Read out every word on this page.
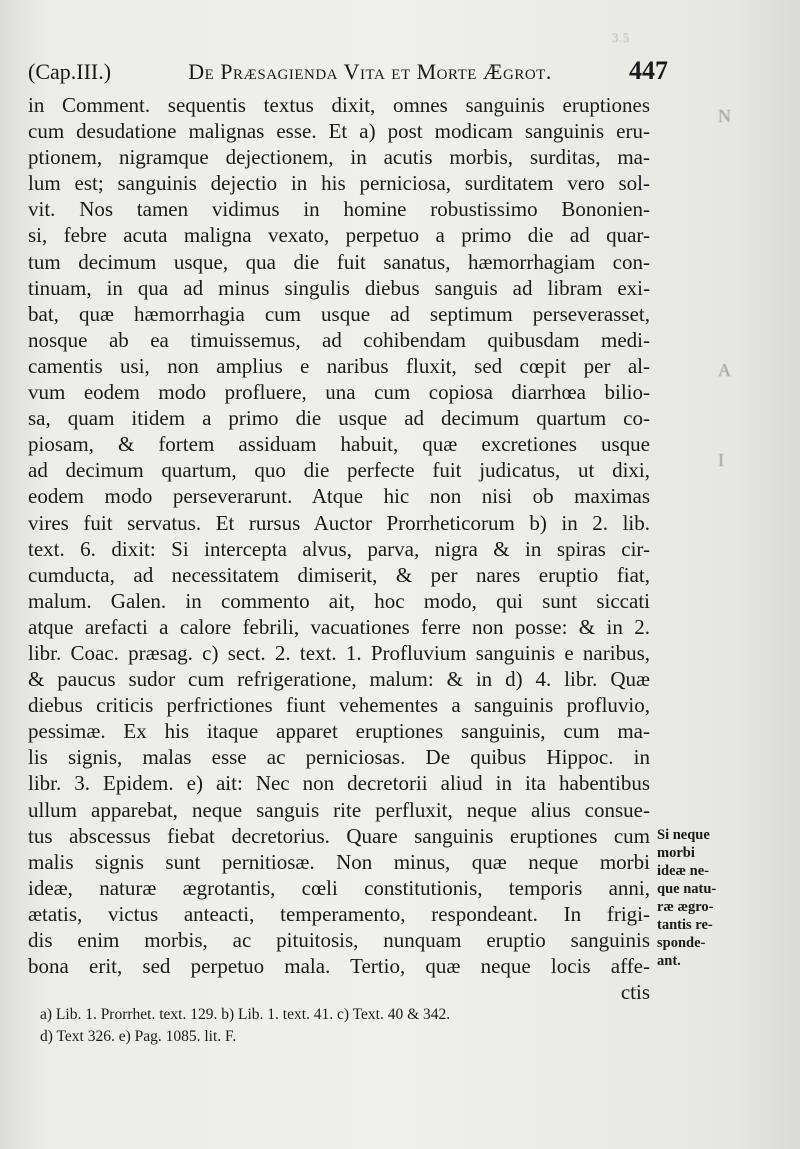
3.5
N
A
I
(Cap.III.)	De Præsagienda Vita et Morte Ægrot.	447
in Comment. sequentis textus dixit, omnes sanguinis eruptiones
cum desudatione malignas esse. Et a) post modicam sanguinis eru-
ptionem, nigramque dejectionem, in acutis morbis, surditas, ma-
lum est; sanguinis dejectio in his perniciosa, surditatem vero sol-
vit. Nos tamen vidimus in homine robustissimo Bononien-
si, febre acuta maligna vexato, perpetuo a primo die ad quar-
tum decimum usque, qua die fuit sanatus, hæmorrhagiam con-
tinuam, in qua ad minus singulis diebus sanguis ad libram exi-
bat, quæ hæmorrhagia cum usque ad septimum perseverasset,
nosque ab ea timuissemus, ad cohibendam quibusdam medi-
camentis usi, non amplius e naribus fluxit, sed cœpit per al-
vum eodem modo profluere, una cum copiosa diarrhœa bilio-
sa, quam itidem a primo die usque ad decimum quartum co-
piosam, & fortem assiduam habuit, quæ excretiones usque
ad decimum quartum, quo die perfecte fuit judicatus, ut dixi,
eodem modo perseverarunt. Atque hic non nisi ob maximas
vires fuit servatus. Et rursus Auctor Prorrheticorum b) in 2. lib.
text. 6. dixit: Si intercepta alvus, parva, nigra & in spiras cir-
cumducta, ad necessitatem dimiserit, & per nares eruptio fiat,
malum. Galen. in commento ait, hoc modo, qui sunt siccati
atque arefacti a calore febrili, vacuationes ferre non posse: & in 2.
libr. Coac. præsag. c) sect. 2. text. 1. Profluvium sanguinis e naribus,
& paucus sudor cum refrigeratione, malum: & in d) 4. libr. Quæ
diebus criticis perfrictiones fiunt vehementes a sanguinis profluvio,
pessimæ. Ex his itaque apparet eruptiones sanguinis, cum ma-
lis signis, malas esse ac perniciosas. De quibus Hippoc. in
libr. 3. Epidem. e) ait: Nec non decretorii aliud in ita habentibus
ullum apparebat, neque sanguis rite perfluxit, neque alius consue-
tus abscessus fiebat decretorius. Quare sanguinis eruptiones cum
malis signis sunt pernitiosæ. Non minus, quæ neque morbi
ideæ, naturæ ægrotantis, cœli constitutionis, temporis anni,
ætatis, victus anteacti, temperamento, respondeant. In frigi-
dis enim morbis, ac pituitosis, nunquam eruptio sanguinis
bona erit, sed perpetuo mala. Tertio, quæ neque locis affe-
ctis
Si neque
morbi
ideæ ne-
que natu-
ræ ægro-
tantis re-
sponde-
ant.
a) Lib. 1. Prorrhet. text. 129. b) Lib. 1. text. 41. c) Text. 40 & 342.
d) Text 326. e) Pag. 1085. lit. F.
